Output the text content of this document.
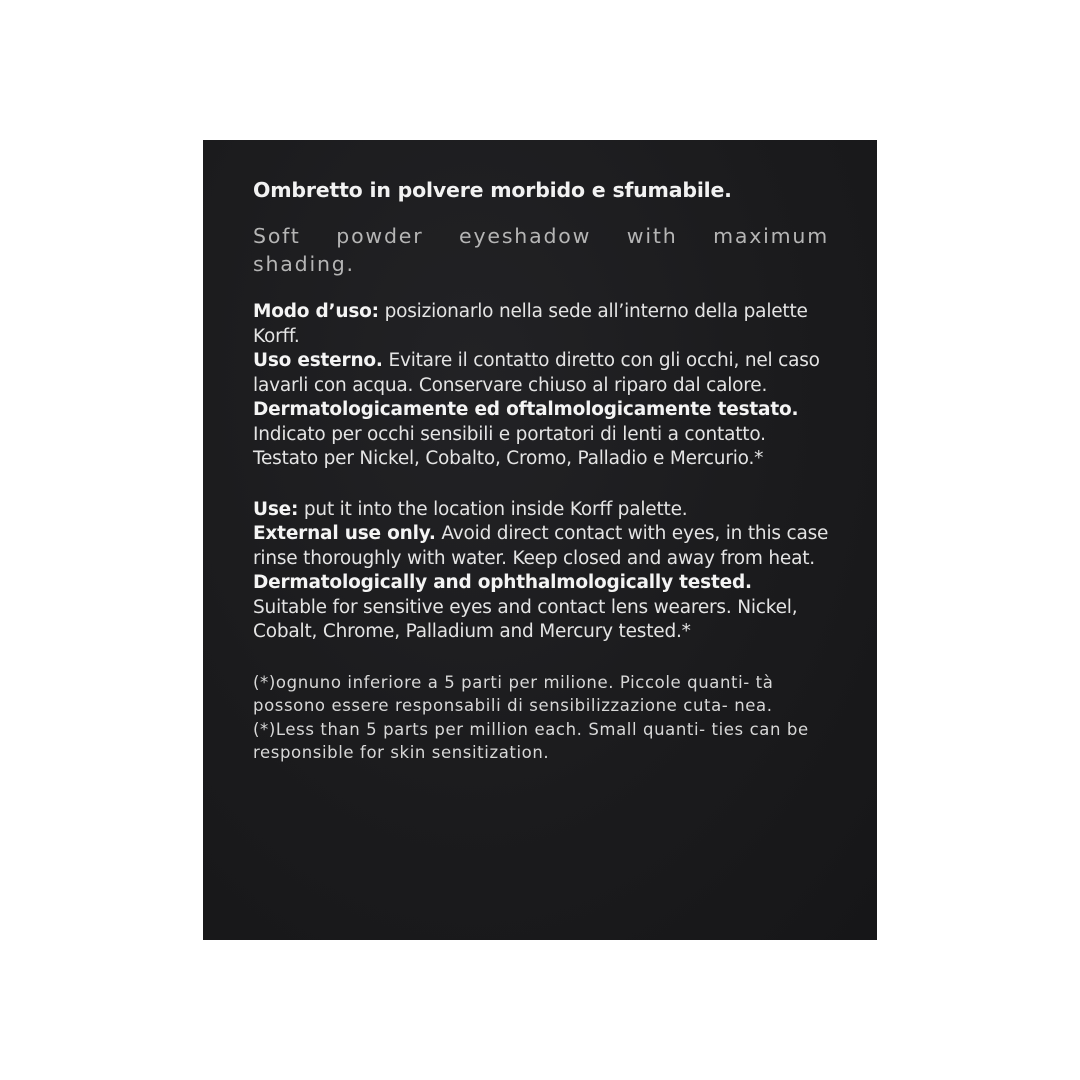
Ombretto in polvere morbido e sfumabile.
Soft powder eyeshadow with maximum shading.

Modo d’uso: posizionarlo nella sede all’interno della palette Korff.

Uso esterno. Evitare il contatto diretto con gli occhi, nel caso lavarli con acqua. Conservare chiuso al riparo dal calore.

Dermatologicamente ed oftalmologicamente testato. Indicato per occhi sensibili e portatori di lenti a contatto. Testato per Nickel, Cobalto, Cromo, Palladio e Mercurio.*

Use: put it into the location inside Korff palette.

External use only. Avoid direct contact with eyes, in this case rinse thoroughly with water. Keep closed and away from heat.

Dermatologically and ophthalmologically tested.
Suitable for sensitive eyes and contact lens wearers. Nickel, Cobalt, Chrome, Palladium and Mercury tested.*

(*)ognuno inferiore a 5 parti per milione. Piccole quanti- tà possono essere responsabili di sensibilizzazione cuta- nea. (*)Less than 5 parts per million each. Small quanti- ties can be responsible for skin sensitization.
